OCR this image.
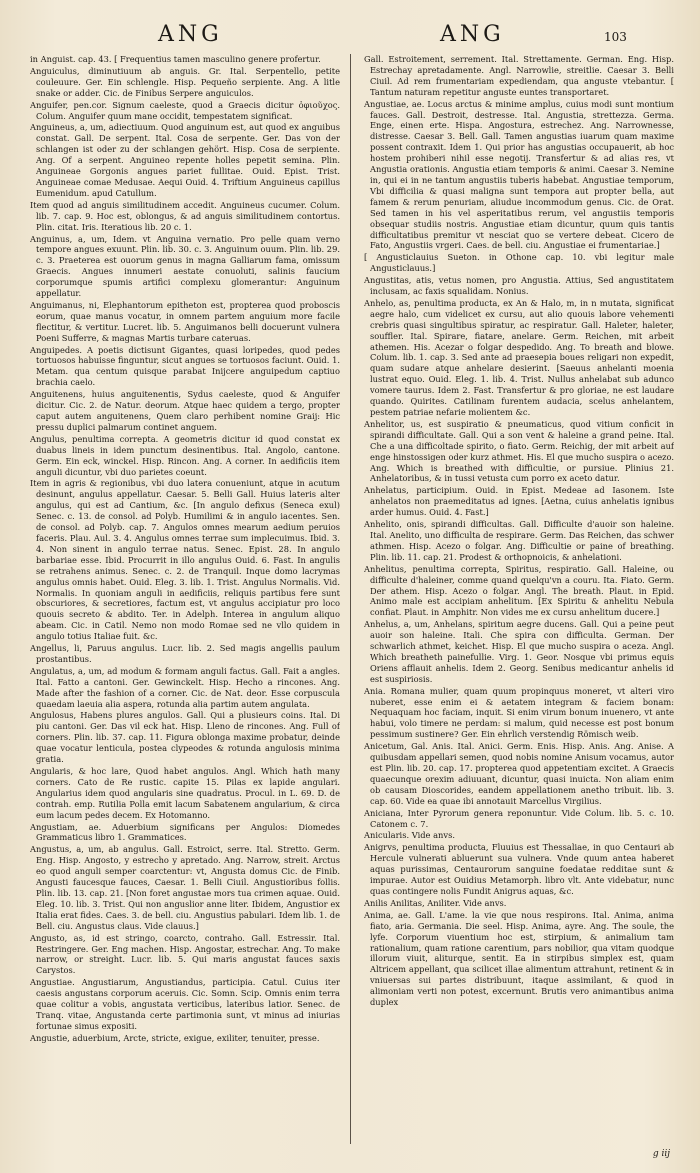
ANG	ANG	103

in Anguist. cap. 43. [ Frequentius tamen masculino genere profertur.

Anguiculus, diminutiuum ab anguis. Gr. Ital. Serpentello, petite couleuure. Ger. Ein schlengle. Hisp. Pequeño serpiente. Ang. A litle snake or adder. Cic. de Finibus Serpere anguiculos.

Anguifer, pen.cor. Signum caeleste, quod a Graecis dicitur ὀφιοῦχος. Colum. Anguifer quum mane occidit, tempestatem significat.

Anguineus, a, um, adiectiuum. Quod anguinum est, aut quod ex anguibus constat. Gall. De serpent. Ital. Cosa de serpente. Ger. Das von der schlangen ist oder zu der schlangen gehört. Hisp. Cosa de serpiente. Ang. Of a serpent. Anguineo repente holles pepetit semina. Plin. Anguineae Gorgonis angues pariet fullitae. Ouid. Epist. Trist. Anguineae comae Medusae. Aequi Ouid. 4. Triftium Anguineus capillus Eumenidum. apud Catullum.

Item quod ad anguis similitudinem accedit. Anguineus cucumer. Colum. lib. 7. cap. 9. Hoc est, oblongus, & ad anguis similitudinem contortus. Plin. citat. Iris. Iteratious lib. 20 c. 1.

Anguinus, a, um, Idem. vt Anguina vernatio. Pro pelle quam verno tempore angues exuunt. Plin. lib. 30. c. 3. Anguinum ouum. Plin. lib. 29. c. 3. Praeterea est ouorum genus in magna Galliarum fama, omissum Graecis. Angues innumeri aestate conuoluti, salinis faucium corporumque spumis artifici complexu glomerantur: Anguinum appellatur.

Anguimanus, ni, Elephantorum epitheton est, propterea quod proboscis eorum, quae manus vocatur, in omnem partem anguium more facile flectitur, & vertitur. Lucret. lib. 5. Anguimanos belli docuerunt vulnera Poeni Sufferre, & magnas Martis turbare cateruas.

Anguipedes. A poetis dictisunt Gigantes, quasi loripedes, quod pedes tortuosos habuisse finguntur, sicut angues se tortuosos faciunt. Ouid. 1. Metam. qua centum quisque parabat Inijcere anguipedum captiuo brachia caelo.

Anguitenens, huius anguitenentis, Sydus caeleste, quod & Anguifer dicitur. Cic. 2. de Natur. deorum. Atque haec quidem a tergo, propter caput autem anguitenens, Quem claro perhibent nomine Graij: Hic pressu duplici palmarum continet anguem.

Angulus, penultima correpta. A geometris dicitur id quod constat ex duabus lineis in idem punctum desinentibus. Ital. Angolo, cantone. Germ. Ein eck, winckel. Hisp. Rincon. Ang. A corner. In aedificiis item anguli dicuntur, vbi duo parietes coeunt.

Item in agris & regionibus, vbi duo latera conueniunt, atque in acutum desinunt, angulus appellatur. Caesar. 5. Belli Gall. Huius lateris alter angulus, qui est ad Cantium, &c. [In angulo defixus (Seneca exul) Senec. c. 13. de consol. ad Polyb. Humilimi & in angulo iacentes. Sen. de consol. ad Polyb. cap. 7. Angulos omnes mearum aedium peruios faceris. Plau. Aul. 3. 4. Angulus omnes terrae sum implecuimus. Ibid. 3. 4. Non sinent in angulo terrae natus. Senec. Epist. 28. In angulo barbariae esse. Ibid. Procurrit in illo angulus Ouid. 6. Fast. In angulis se retrahens animus. Senec. c. 2. de Tranquil. Inque domo lacrymas angulus omnis habet. Ouid. Eleg. 3. lib. 1. Trist. Angulus Normalis. Vid. Normalis. In quoniam anguli in aedificiis, reliquis partibus fere sunt obscuriores, & secretiores, factum est, vt angulus accipiatur pro loco quouis secreto & abdito. Ter. in Adelph. Interea in angulum aliquo abeam. Cic. in Catil. Nemo non modo Romae sed ne vllo quidem in angulo totius Italiae fuit. &c.

Angellus, li, Paruus angulus. Lucr. lib. 2. Sed magis angellis paulum prostantibus.

Angulatus, a, um, ad modum & formam anguli factus. Gall. Fait a angles. Ital. Fatto a cantoni. Ger. Gewinckelt. Hisp. Hecho a rincones. Ang. Made after the fashion of a corner. Cic. de Nat. deor. Esse corpuscula quaedam laeuia alia aspera, rotunda alia partim autem angulata.

Angulosus, Habens plures angulos. Gall. Qui a plusieurs coins. Ital. Di piu cantoni. Ger. Das vil eck hat. Hisp. Lleno de rincones. Ang. Full of corners. Plin. lib. 37. cap. 11. Figura oblonga maxime probatur, deinde quae vocatur lenticula, postea clypeodes & rotunda angulosis minima gratia.

Angularis, & hoc lare, Quod habet angulos. Angl. Which hath many corners. Cato de Re rustic. capite 15. Pilas ex lapide angulari. Angularius idem quod angularis sine quadratus. Procul. in L. 69. D. de contrah. emp. Rutilia Polla emit lacum Sabatenem angularium, & circa eum lacum pedes decem. Ex Hotomanno.

Angustiam, ae. Aduerbium significans per Angulos: Diomedes Grammaticus libro 1. Grammatices.

Angustus, a, um, ab angulus. Gall. Estroict, serre. Ital. Stretto. Germ. Eng. Hisp. Angosto, y estrecho y apretado. Ang. Narrow, streit. Arctus eo quod anguli semper coarctentur: vt, Angusta domus Cic. de Finib. Angusti faucesque fauces, Caesar. 1. Belli Ciuil. Angustioribus follis. Plin. lib. 13. cap. 21. [Non foret angustae mors tua crimen aquae. Ouid. Eleg. 10. lib. 3. Trist. Qui non anguslior anne liter. Ibidem, Angustior ex Italia erat fides. Caes. 3. de bell. ciu. Angustius pabulari. Idem lib. 1. de Bell. ciu. Angustus claus. Vide clauus.]

Angusto, as, id est stringo, coarcto, contraho. Gall. Estressir. Ital. Restringere. Ger. Eng machen. Hisp. Angostar, estrechar. Ang. To make narrow, or streight. Lucr. lib. 5. Qui maris angustat fauces saxis Carystos.

Angustiae. Angustiarum, Angustiandus, participia. Catul. Cuius iter caesis angustans corporum aceruis. Cic. Somn. Scip. Omnis enim terra quae colitur a vobis, angustata verticibus, lateribus latior. Senec. de Tranq. vitae, Angustanda certe partimonia sunt, vt minus ad iniurias fortunae simus expositi.

Angustie, aduerbium, Arcte, stricte, exigue, exiliter, tenuiter, presse.

Gall. Estroitement, serrement. Ital. Strettamente. German. Eng. Hisp. Estrechay apretadamente. Angl. Narrowlie, streitlie. Caesar 3. Belli Ciuil. Ad rem frumentariam expediendam, qua anguste vtebantur. [ Tantum naturam repetitur anguste euntes transportaret.

Angustiae, ae. Locus arctus & minime amplus, cuius modi sunt montium fauces. Gall. Destroit, destresse. Ital. Angustia, strettezza. Germa. Enge, einen erte. Hispa. Angostura, estrechez. Ang. Narrownesse, distresse. Caesar 3. Bell. Gall. Tamen angustias iuarum quam maxime possent contraxit. Idem 1. Qui prior has angustias occupauerit, ab hoc hostem prohiberi nihil esse negotij. Transfertur & ad alias res, vt Angustia orationis. Angustia etiam temporis & animi. Caesar 3. Nemine in, qui ei in ne tantum angustiis tuberis habebat. Angustiae temporum, Vbi difficilia & quasi maligna sunt tempora aut propter bella, aut famem & rerum penuriam, aliudue incommodum genus. Cic. de Orat. Sed tamen in his vel asperitatibus rerum, vel angustiis temporis obsequar studiis nostris. Angustiae etiam dicuntur, quum quis tantis difficultatibus premitur vt nesciat quo se vertere debeat. Cicero de Fato, Angustiis vrgeri. Caes. de bell. ciu. Angustiae ei frumentariae.]

[ Angusticlauius Sueton. in Othone cap. 10. vbi legitur male Angusticlauus.]

Angustitas, atis, vetus nomen, pro Angustia. Attius, Sed angustitatem inclusam, ac faxis squalidam. Nonius.

Anhelo, as, penultima producta, ex An & Halo, m, in n mutata, significat aegre halo, cum videlicet ex cursu, aut alio quouis labore vehementi crebris quasi singultibus spiratur, ac respiratur. Gall. Haleter, haleter, souffler. Ital. Spirare, fiatare, anelare. Germ. Reichen, mit arbeit athemen. His. Acezar o folgar despedido. Ang. To breath and blowe. Colum. lib. 1. cap. 3. Sed ante ad praesepia boues religari non expedit, quam sudare atque anhelare desierint. [Saeuus anhelanti moenia lustrat equo. Ouid. Eleg. 1. lib. 4. Trist. Nullus anhelabat sub adunco vomere taurus. Idem 2. Fast. Transfertur & pro gloriae, ne est laudare quando. Quirites. Catilinam furentem audacia, scelus anhelantem, pestem patriae nefarie molientem &c.

Anhelitor, us, est suspiratio & pneumaticus, quod vitium conficit in spirandi difficultate. Gall. Qui a son vent & haleine a grand peine. Ital. Che a una difficoltade spirito, o fiato. Germ. Reichig, der mit arbeit auf enge hinstossigen oder kurz athmet. His. El que mucho suspira o acezo. Ang. Which is breathed with difficultie, or pursiue. Plinius 21. Anhelatoribus, & in tussi vetusta cum porro ex aceto datur.

Anhelatus, participium. Ouid. in Epist. Medeae ad Iasonem. Iste anhelatos non praemeditatus ad ignes. [Aetna, cuius anhelatis ignibus arder humus. Ouid. 4. Fast.]

Anhelito, onis, spirandi difficultas. Gall. Difficulte d'auoir son haleine. Ital. Anelito, uno difficulta de respirare. Germ. Das Reichen, das schwer athmen. Hisp. Acezo o folgar. Ang. Difficultie or paine of breathing. Plin. lib. 11. cap. 21. Prodest & orthopnoicis, & anhelationi.

Anhelitus, penultima correpta, Spiritus, respiratio. Gall. Haleine, ou difficulte d'haleiner, comme quand quelqu'vn a couru. Ita. Fiato. Germ. Der athem. Hisp. Acezo o folgar. Angl. The breath. Plaut. in Epid. Animo male est accipiam anhelitum. [Ex Spiritu & anhelitu Nebula confiat. Plaut. in Amphitr. Non vides me ex cursu anhelitum ducere.]

Anhelus, a, um, Anhelans, spiritum aegre ducens. Gall. Qui a peine peut auoir son haleine. Itali. Che spira con difficulta. German. Der schwarlich athmet, keichet. Hisp. El que mucho suspira o aceza. Angl. Which breatheth painefullie. Virg. 1. Geor. Nosque vbi primus equis Oriens afflauit anhelis. Idem 2. Georg. Senibus medicantur anhelis id est suspiriosis.

Ania. Romana mulier, quam quum propinquus moneret, vt alteri viro nuberet, esse enim ei & aetatem integram & faciem bonam: Nequaquam hoc faciam, inquit. Si enim virum bonum inuenero, vt ante habui, volo timere ne perdam: si malum, quid necesse est post bonum pessimum sustinere? Ger. Ein ehrlich verstendig Römisch weib.

Anicetum, Gal. Anis. Ital. Anici. Germ. Enis. Hisp. Anis. Ang. Anise. A quibusdam appellari semen, quod nobis nomine Anisum vocamus, autor est Plin. lib. 20. cap. 17. propterea quod appetentiam excitet. A Graecis quaecunque orexim adiuuant, dicuntur, quasi inuicta. Non aliam enim ob causam Dioscorides, eandem appellationem anetho tribuit. lib. 3. cap. 60. Vide ea quae ibi annotauit Marcellus Virgilius.

Aniciana, Inter Pyrorum genera reponuntur. Vide Colum. lib. 5. c. 10. Catonem c. 7.

Anicularis. Vide anvs.

Anigrvs, penultima producta, Fluuius est Thessaliae, in quo Centauri ab Hercule vulnerati abluerunt sua vulnera. Vnde quum antea haberet aquas purissimas, Centaurorum sanguine foedatae redditae sunt & impurae. Autor est Ouidius Metamorph. libro vlt. Ante videbatur, nunc quas contingere nolis Fundit Anigrus aquas, &c.

Anilis Anilitas, Aniliter. Vide anvs.

Anima, ae. Gall. L'ame. la vie que nous respirons. Ital. Anima, anima fiato, aria. Germania. Die seel. Hisp. Anima, ayre. Ang. The soule, the lyfe. Corporum viuentium hoc est, stirpium, & animalium tam rationalium, quam ratione carentium, pars nobilior, qua vitam quodque illorum viuit, aliturque, sentit. Ea in stirpibus simplex est, quam Altricem appellant, qua scilicet illae alimentum attrahunt, retinent & in vniuersas sui partes distribuunt, itaque assimilant, & quod in alimoniam verti non potest, excernunt. Brutis vero animantibus anima duplex

g iij
